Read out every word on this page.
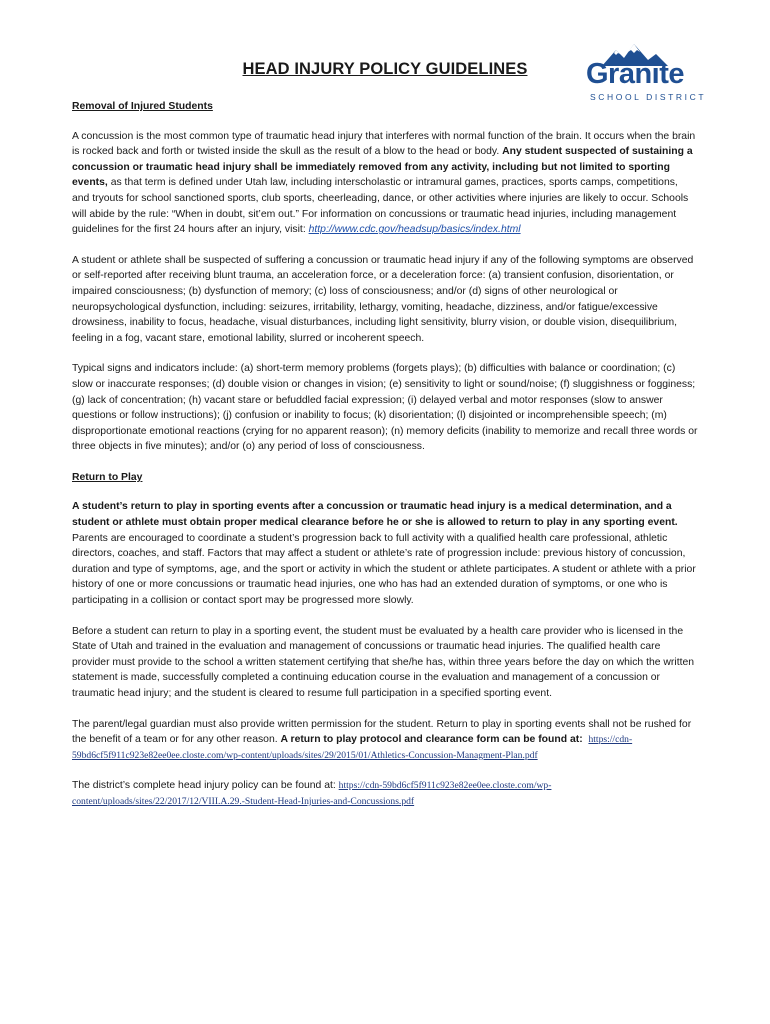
HEAD INJURY POLICY GUIDELINES	Granite
SCHOOL DISTRICT

Removal of Injured Students

A concussion is the most common type of traumatic head injury that interferes with normal function of the brain. It occurs when the brain is rocked back and forth or twisted inside the skull as the result of a blow to the head or body. Any student suspected of sustaining a concussion or traumatic head injury shall be immediately removed from any activity, including but not limited to sporting events, as that term is defined under Utah law, including interscholastic or intramural games, practices, sports camps, competitions, and tryouts for school sanctioned sports, club sports, cheerleading, dance, or other activities where injuries are likely to occur. Schools will abide by the rule: “When in doubt, sit’em out.” For information on concussions or traumatic head injuries, including management guidelines for the first 24 hours after an injury, visit: http://www.cdc.gov/headsup/basics/index.html

A student or athlete shall be suspected of suffering a concussion or traumatic head injury if any of the following symptoms are observed or self-reported after receiving blunt trauma, an acceleration force, or a deceleration force: (a) transient confusion, disorientation, or impaired consciousness; (b) dysfunction of memory; (c) loss of consciousness; and/or (d) signs of other neurological or neuropsychological dysfunction, including: seizures, irritability, lethargy, vomiting, headache, dizziness, and/or fatigue/excessive drowsiness, inability to focus, headache, visual disturbances, including light sensitivity, blurry vision, or double vision, disequilibrium, feeling in a fog, vacant stare, emotional lability, slurred or incoherent speech.

Typical signs and indicators include: (a) short-term memory problems (forgets plays); (b) difficulties with balance or coordination; (c) slow or inaccurate responses; (d) double vision or changes in vision; (e) sensitivity to light or sound/noise; (f) sluggishness or fogginess; (g) lack of concentration; (h) vacant stare or befuddled facial expression; (i) delayed verbal and motor responses (slow to answer questions or follow instructions); (j) confusion or inability to focus; (k) disorientation; (l) disjointed or incomprehensible speech; (m) disproportionate emotional reactions (crying for no apparent reason); (n) memory deficits (inability to memorize and recall three words or three objects in five minutes); and/or (o) any period of loss of consciousness.

Return to Play

A student’s return to play in sporting events after a concussion or traumatic head injury is a medical determination, and a student or athlete must obtain proper medical clearance before he or she is allowed to return to play in any sporting event. Parents are encouraged to coordinate a student’s progression back to full activity with a qualified health care professional, athletic directors, coaches, and staff. Factors that may affect a student or athlete’s rate of progression include: previous history of concussion, duration and type of symptoms, age, and the sport or activity in which the student or athlete participates. A student or athlete with a prior history of one or more concussions or traumatic head injuries, one who has had an extended duration of symptoms, or one who is participating in a collision or contact sport may be progressed more slowly.

Before a student can return to play in a sporting event, the student must be evaluated by a health care provider who is licensed in the State of Utah and trained in the evaluation and management of concussions or traumatic head injuries. The qualified health care provider must provide to the school a written statement certifying that she/he has, within three years before the day on which the written statement is made, successfully completed a continuing education course in the evaluation and management of a concussion or traumatic head injury; and the student is cleared to resume full participation in a specified sporting event.

The parent/legal guardian must also provide written permission for the student. Return to play in sporting events shall not be rushed for the benefit of a team or for any other reason. A return to play protocol and clearance form can be found at: https://cdn-59bd6cf5f911c923e82ee0ee.closte.com/wp-content/uploads/sites/29/2015/01/Athletics-Concussion-Managment-Plan.pdf

The district’s complete head injury policy can be found at: https://cdn-59bd6cf5f911c923e82ee0ee.closte.com/wp-content/uploads/sites/22/2017/12/VIII.A.29.-Student-Head-Injuries-and-Concussions.pdf
